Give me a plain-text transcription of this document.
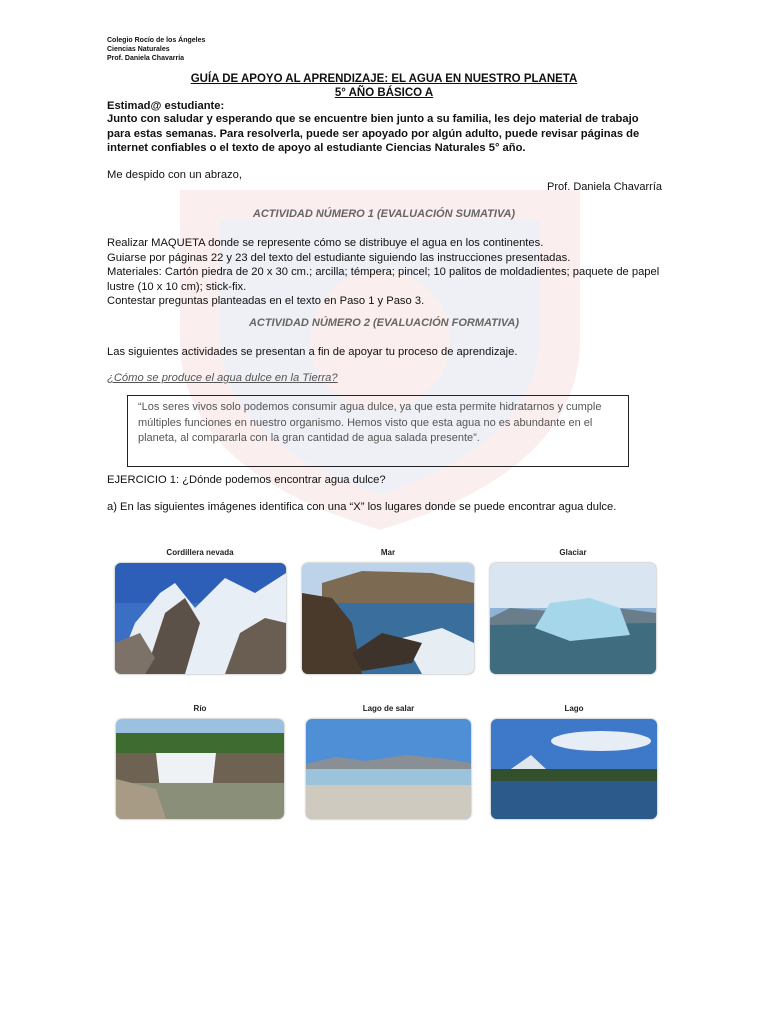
Colegio Rocío de los Ángeles
Ciencias Naturales
Prof. Daniela Chavarría
GUÍA DE APOYO AL APRENDIZAJE: EL AGUA EN NUESTRO PLANETA
5° AÑO BÁSICO A
Estimad@ estudiante:
Junto con saludar y esperando que se encuentre bien junto a su familia, les dejo material de trabajo para estas semanas. Para resolverla, puede ser apoyado por algún adulto, puede revisar páginas de internet confiables o el texto de apoyo al estudiante Ciencias Naturales 5° año.
Me despido con un abrazo,
Prof. Daniela Chavarría
ACTIVIDAD NÚMERO 1 (EVALUACIÓN SUMATIVA)
Realizar MAQUETA donde se represente cómo se distribuye el agua en los continentes.
Guiarse por páginas 22 y 23 del texto del estudiante siguiendo las instrucciones presentadas.
Materiales: Cartón piedra de 20 x 30 cm.; arcilla; témpera; pincel; 10 palitos de moldadientes; paquete de papel lustre (10 x 10 cm); stick-fix.
Contestar preguntas planteadas en el texto en Paso 1 y Paso 3.
ACTIVIDAD NÚMERO 2 (EVALUACIÓN FORMATIVA)
Las siguientes actividades se presentan a fin de apoyar tu proceso de aprendizaje.
¿Cómo se produce el agua dulce en la Tierra?
“Los seres vivos solo podemos consumir agua dulce, ya que esta permite hidratarnos y cumple múltiples funciones en nuestro organismo. Hemos visto que esta agua no es abundante en el planeta, al compararla con la gran cantidad de agua salada presente”.
EJERCICIO 1: ¿Dónde podemos encontrar agua dulce?
a) En las siguientes imágenes identifica con una “X” los lugares donde se puede encontrar agua dulce.
Cordillera nevada	Mar	Glaciar
Río	Lago de salar	Lago
